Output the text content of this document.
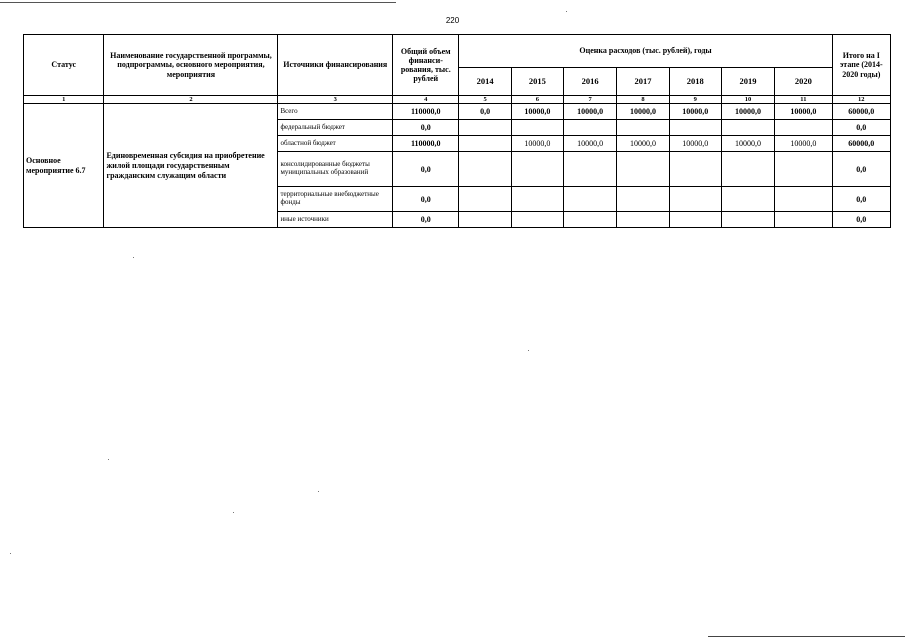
220
Статус	Наименование государственной программы, подпрограммы, основного мероприятия, мероприятия	Источники финансирования	Общий объем финанси- рования, тыс. рублей	Оценка расходов (тыс. рублей), годы							Итого на I этапе (2014- 2020 годы)
				2014	2015	2016	2017	2018	2019	2020	
1	2	3	4	5	6	7	8	9	10	11	12
Основное мероприятие 6.7	Единовременная субсидия на приобретение жилой площади государственным гражданским служащим области	Всего	110000,0	0,0	10000,0	10000,0	10000,0	10000,0	10000,0	10000,0	60000,0
		федеральный бюджет	0,0								0,0
		областной бюджет	110000,0		10000,0	10000,0	10000,0	10000,0	10000,0	10000,0	60000,0
		консолидированные бюджеты муниципальных образований	0,0								0,0
		территориальные внебюджетные фонды	0,0								0,0
		иные источники	0,0								0,0
